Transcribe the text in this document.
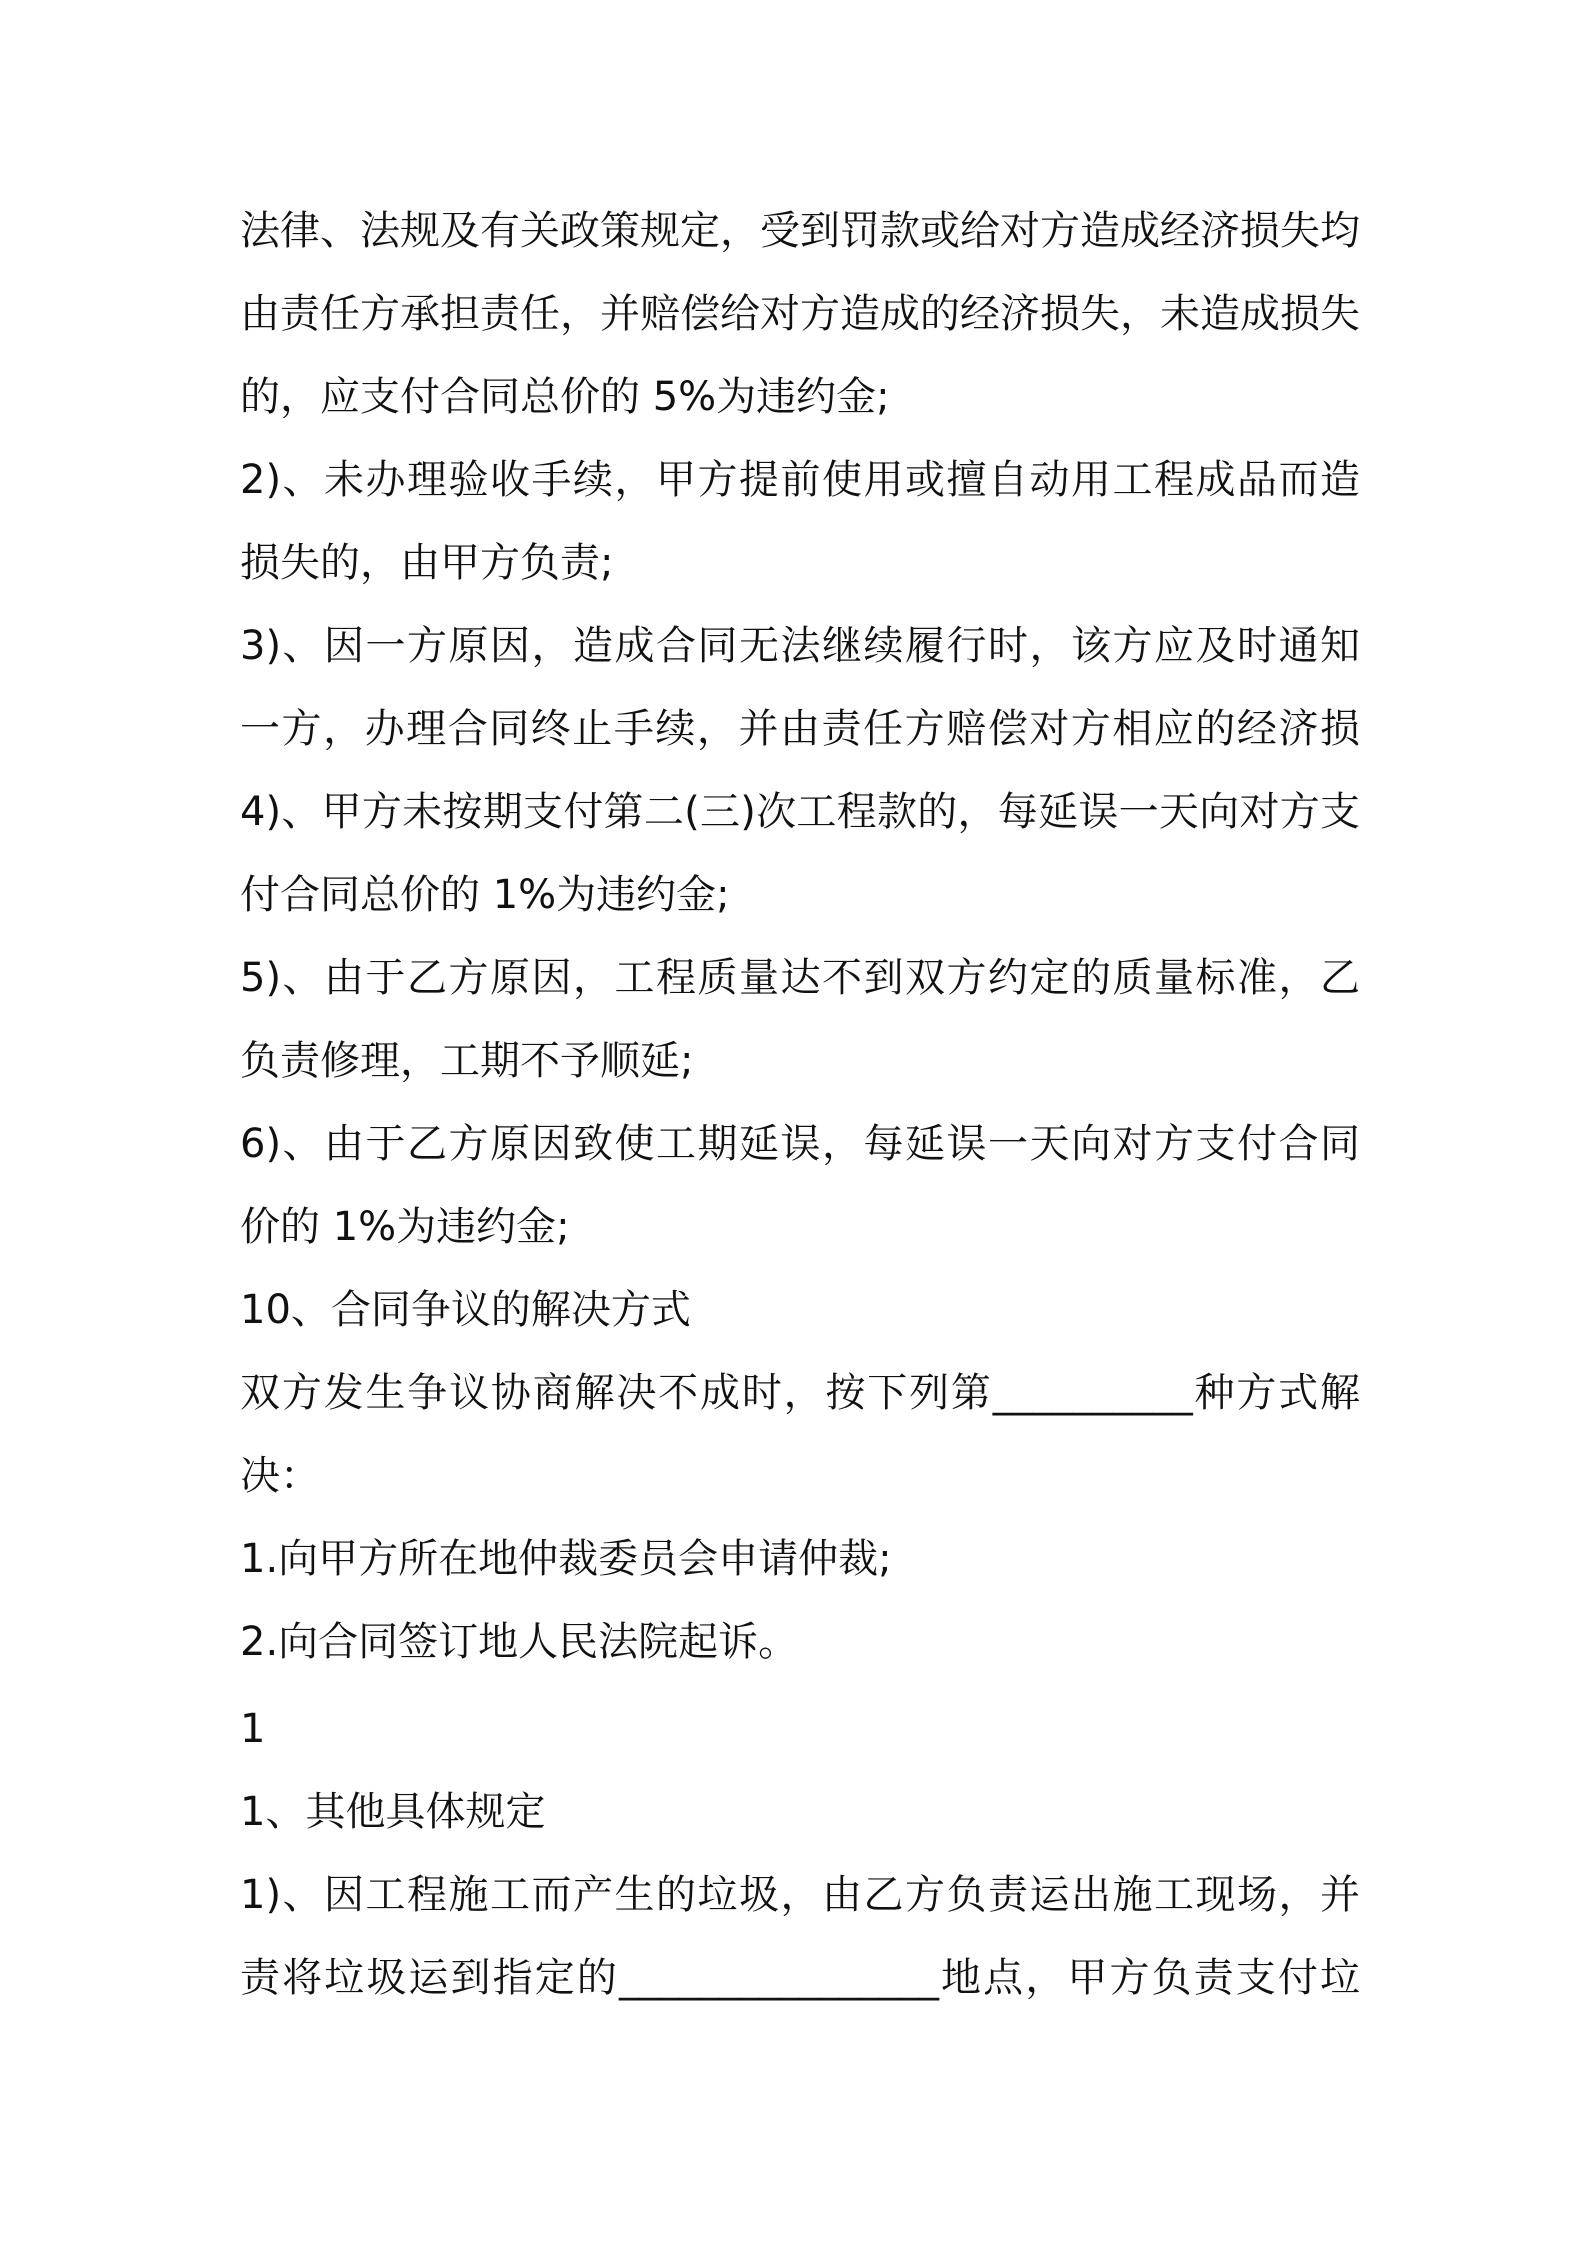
法律、法规及有关政策规定，受到罚款或给对方造成经济损失均
由责任方承担责任，并赔偿给对方造成的经济损失，未造成损失
的，应支付合同总价的 5%为违约金;
2)、未办理验收手续，甲方提前使用或擅自动用工程成品而造
损失的，由甲方负责;
3)、因一方原因，造成合同无法继续履行时，该方应及时通知
一方，办理合同终止手续，并由责任方赔偿对方相应的经济损
4)、甲方未按期支付第二(三)次工程款的，每延误一天向对方支
付合同总价的 1%为违约金;
5)、由于乙方原因，工程质量达不到双方约定的质量标准，乙
负责修理，工期不予顺延;
6)、由于乙方原因致使工期延误，每延误一天向对方支付合同
价的 1%为违约金;
10、合同争议的解决方式
双方发生争议协商解决不成时，按下列第__________种方式解
决：
1.向甲方所在地仲裁委员会申请仲裁;
2.向合同签订地人民法院起诉。
1
1、其他具体规定
1)、因工程施工而产生的垃圾，由乙方负责运出施工现场，并
责将垃圾运到指定的________________地点，甲方负责支付垃
